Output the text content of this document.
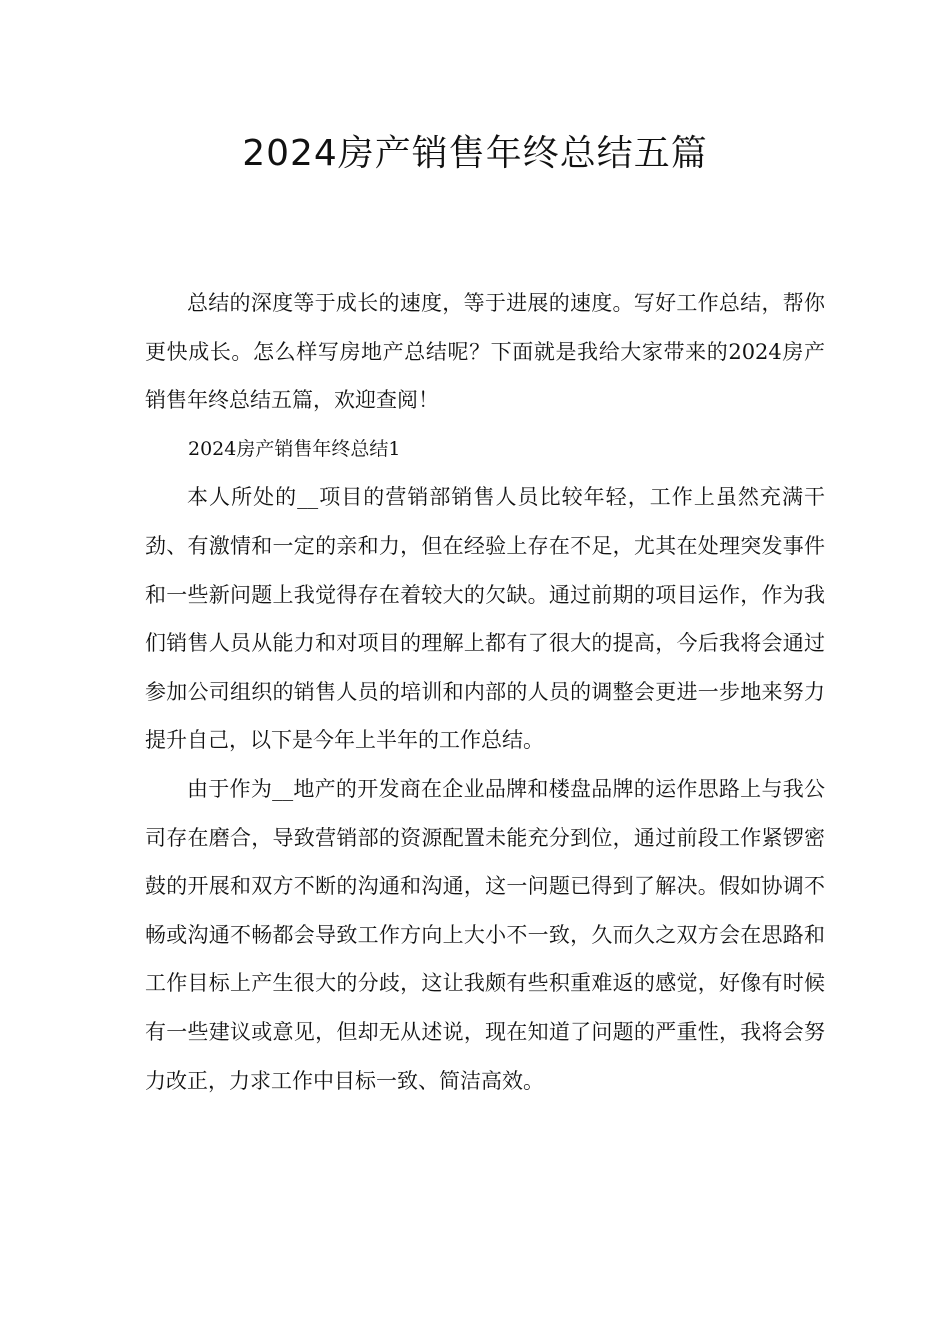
2024房产销售年终总结五篇

总结的深度等于成长的速度，等于进展的速度。写好工作总结，帮你更快成长。怎么样写房地产总结呢？下面就是我给大家带来的2024房产销售年终总结五篇，欢迎查阅！

2024房产销售年终总结1

本人所处的__项目的营销部销售人员比较年轻，工作上虽然充满干劲、有激情和一定的亲和力，但在经验上存在不足，尤其在处理突发事件和一些新问题上我觉得存在着较大的欠缺。通过前期的项目运作，作为我们销售人员从能力和对项目的理解上都有了很大的提高，今后我将会通过参加公司组织的销售人员的培训和内部的人员的调整会更进一步地来努力提升自己，以下是今年上半年的工作总结。

由于作为__地产的开发商在企业品牌和楼盘品牌的运作思路上与我公司存在磨合，导致营销部的资源配置未能充分到位，通过前段工作紧锣密鼓的开展和双方不断的沟通和沟通，这一问题已得到了解决。假如协调不畅或沟通不畅都会导致工作方向上大小不一致，久而久之双方会在思路和工作目标上产生很大的分歧，这让我颇有些积重难返的感觉，好像有时候有一些建议或意见，但却无从述说，现在知道了问题的严重性，我将会努力改正，力求工作中目标一致、简洁高效。
